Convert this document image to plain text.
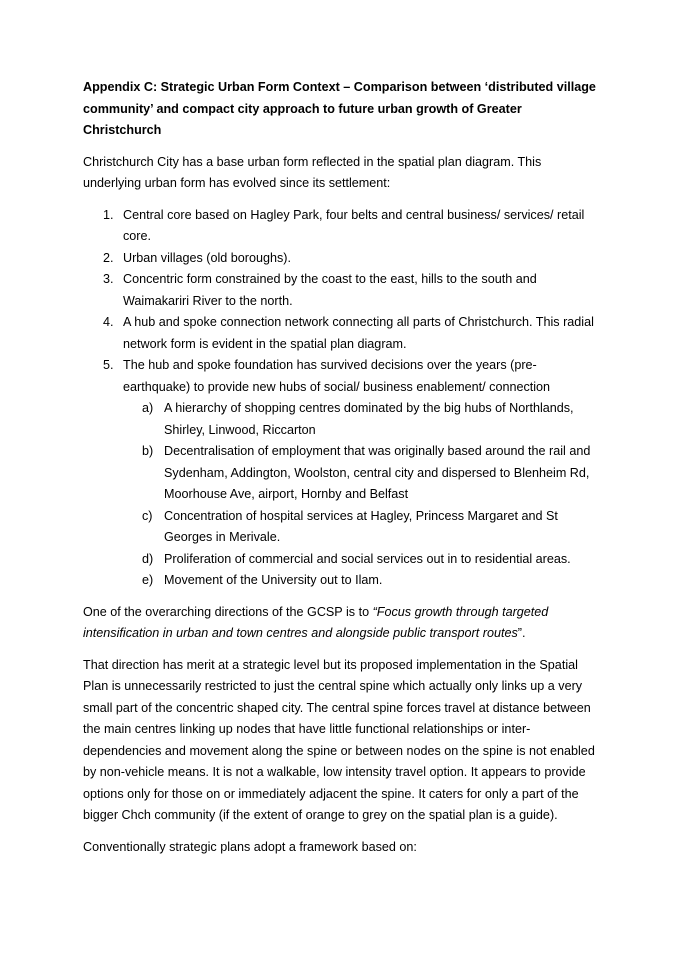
Appendix C: Strategic Urban Form Context – Comparison between ‘distributed village community’ and compact city approach to future urban growth of Greater Christchurch

Christchurch City has a base urban form reflected in the spatial plan diagram. This underlying urban form has evolved since its settlement:

1. Central core based on Hagley Park, four belts and central business/ services/ retail core.
2. Urban villages (old boroughs).
3. Concentric form constrained by the coast to the east, hills to the south and Waimakariri River to the north.
4. A hub and spoke connection network connecting all parts of Christchurch. This radial network form is evident in the spatial plan diagram.
5. The hub and spoke foundation has survived decisions over the years (pre-earthquake) to provide new hubs of social/ business enablement/ connection
a) A hierarchy of shopping centres dominated by the big hubs of Northlands, Shirley, Linwood, Riccarton
b) Decentralisation of employment that was originally based around the rail and Sydenham, Addington, Woolston, central city and dispersed to Blenheim Rd, Moorhouse Ave, airport, Hornby and Belfast
c) Concentration of hospital services at Hagley, Princess Margaret and St Georges in Merivale.
d) Proliferation of commercial and social services out in to residential areas.
e) Movement of the University out to Ilam.

One of the overarching directions of the GCSP is to “Focus growth through targeted intensification in urban and town centres and alongside public transport routes”.

That direction has merit at a strategic level but its proposed implementation in the Spatial Plan is unnecessarily restricted to just the central spine which actually only links up a very small part of the concentric shaped city. The central spine forces travel at distance between the main centres linking up nodes that have little functional relationships or inter-dependencies and movement along the spine or between nodes on the spine is not enabled by non-vehicle means. It is not a walkable, low intensity travel option. It appears to provide options only for those on or immediately adjacent the spine. It caters for only a part of the bigger Chch community (if the extent of orange to grey on the spatial plan is a guide).

Conventionally strategic plans adopt a framework based on:
